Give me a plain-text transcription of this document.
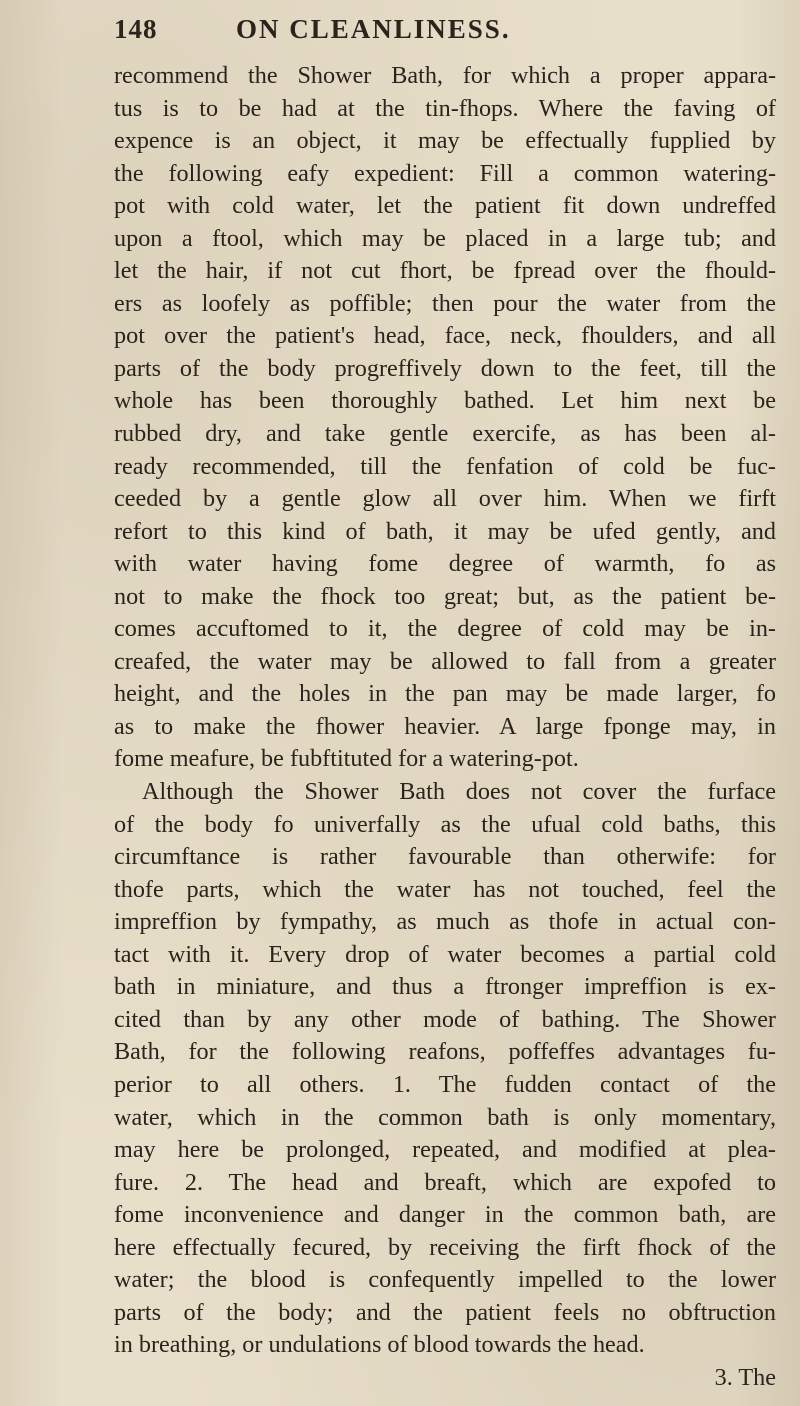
148	ON CLEANLINESS.
recommend the Shower Bath, for which a proper appara-
tus is to be had at the tin-fhops. Where the faving of
expence is an object, it may be effectually fupplied by
the following eafy expedient: Fill a common watering-
pot with cold water, let the patient fit down undreffed
upon a ftool, which may be placed in a large tub; and
let the hair, if not cut fhort, be fpread over the fhould-
ers as loofely as poffible; then pour the water from the
pot over the patient's head, face, neck, fhoulders, and all
parts of the body progreffively down to the feet, till the
whole has been thoroughly bathed. Let him next be
rubbed dry, and take gentle exercife, as has been al-
ready recommended, till the fenfation of cold be fuc-
ceeded by a gentle glow all over him. When we firft
refort to this kind of bath, it may be ufed gently, and
with water having fome degree of warmth, fo as
not to make the fhock too great; but, as the patient be-
comes accuftomed to it, the degree of cold may be in-
creafed, the water may be allowed to fall from a greater
height, and the holes in the pan may be made larger, fo
as to make the fhower heavier. A large fponge may, in
fome meafure, be fubftituted for a watering-pot.
Although the Shower Bath does not cover the furface
of the body fo univerfally as the ufual cold baths, this
circumftance is rather favourable than otherwife: for
thofe parts, which the water has not touched, feel the
impreffion by fympathy, as much as thofe in actual con-
tact with it. Every drop of water becomes a partial cold
bath in miniature, and thus a ftronger impreffion is ex-
cited than by any other mode of bathing. The Shower
Bath, for the following reafons, poffeffes advantages fu-
perior to all others. 1. The fudden contact of the
water, which in the common bath is only momentary,
may here be prolonged, repeated, and modified at plea-
fure. 2. The head and breaft, which are expofed to
fome inconvenience and danger in the common bath, are
here effectually fecured, by receiving the firft fhock of the
water; the blood is confequently impelled to the lower
parts of the body; and the patient feels no obftruction
in breathing, or undulations of blood towards the head.
3. The
